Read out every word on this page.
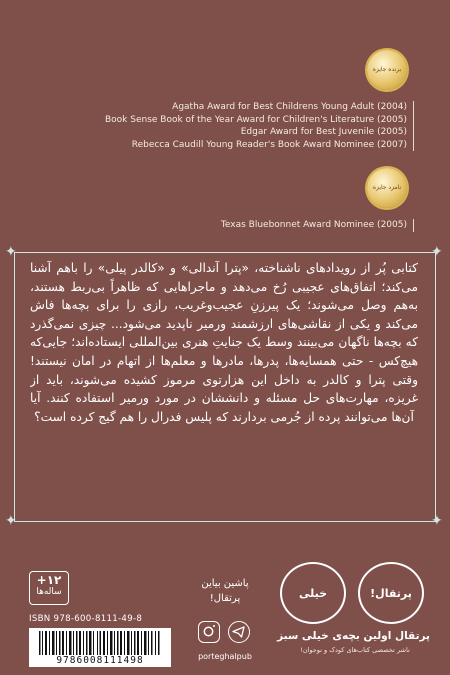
برنده جایزه
Agatha Award for Best Childrens Young Adult (2004)
Book Sense Book of the Year Award for Children's Literature (2005)
Edgar Award for Best Juvenile (2005)
Rebecca Caudill Young Reader's Book Award Nominee (2007)
نامزد جایزه
Texas Bluebonnet Award Nominee (2005)
✦	✦
✦	✦
کتابی پُر از رویدادهای ناشناخته، «پترا آندالی» و «کالدر پیلی» را باهم آشنا می‌کند؛ اتفاق‌های عجیبی رُخ می‌دهد و ماجراهایی که ظاهراً بی‌ربط هستند، به‌هم وصل می‌شوند؛ یک پیرزنِ عجیب‌وغریب، رازی را برای بچه‌ها فاش می‌کند و یکی از نقاشی‌های ارزشمند ورمیر ناپدید می‌شود... چیزی نمی‌گذرد که بچه‌ها ناگهان می‌بینند وسط یک جنایتِ هنری بین‌المللی ایستاده‌اند؛ جایی‌که هیچ‌کس - حتی همسایه‌ها، پدرها، مادرها و معلم‌ها از اتهام در امان نیستند! وقتی پترا و کالدر به داخل این هزارتوی مرموز کشیده می‌شوند، باید از غریزه، مهارت‌های حل مسئله و دانششان در مورد ورمیر استفاده کنند. آیا آن‌ها می‌توانند پرده از جُرمی بردارند که پلیس فدرال را هم گیج کرده است؟
+۱۲
ساله‌ها
ISBN 978-600-8111-49-8
9786008111498
پاشین بیاین پرتقال!
porteghalpub
خیلی	پرتقال!
پرتقال اولین بچه‌ی خیلی سبز
ناشر تخصصی کتاب‌های کودک و نوجوان!
